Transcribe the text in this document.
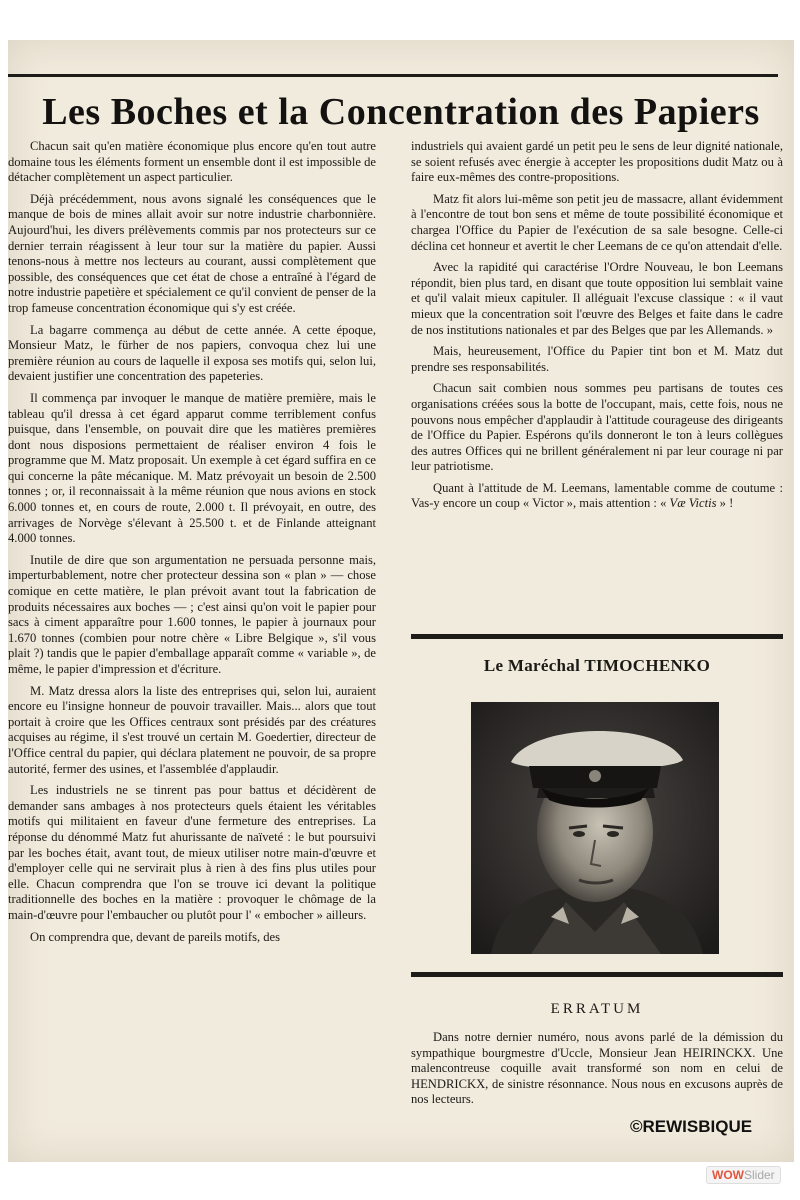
Les Boches et la Concentration des Papiers

Chacun sait qu'en matière économique plus encore qu'en tout autre domaine tous les éléments forment un ensemble dont il est impossible de détacher complètement un aspect particulier.

Déjà précédemment, nous avons signalé les conséquences que le manque de bois de mines allait avoir sur notre industrie charbonnière. Aujourd'hui, les divers prélèvements commis par nos protecteurs sur ce dernier terrain réagissent à leur tour sur la matière du papier. Aussi tenons-nous à mettre nos lecteurs au courant, aussi complètement que possible, des conséquences que cet état de chose a entraîné à l'égard de notre industrie papetière et spécialement ce qu'il convient de penser de la trop fameuse concentration économique qui s'y est créée.

La bagarre commença au début de cette année. A cette époque, Monsieur Matz, le fürher de nos papiers, convoqua chez lui une première réunion au cours de laquelle il exposa ses motifs qui, selon lui, devaient justifier une concentration des papeteries.

Il commença par invoquer le manque de matière première, mais le tableau qu'il dressa à cet égard apparut comme terriblement confus puisque, dans l'ensemble, on pouvait dire que les matières premières dont nous disposions permettaient de réaliser environ 4 fois le programme que M. Matz proposait. Un exemple à cet égard suffira en ce qui concerne la pâte mécanique. M. Matz prévoyait un besoin de 2.500 tonnes ; or, il reconnaissait à la même réunion que nous avions en stock 6.000 tonnes et, en cours de route, 2.000 t. Il prévoyait, en outre, des arrivages de Norvège s'élevant à 25.500 t. et de Finlande atteignant 4.000 tonnes.

Inutile de dire que son argumentation ne persuada personne mais, imperturbablement, notre cher protecteur dessina son « plan » — chose comique en cette matière, le plan prévoit avant tout la fabrication de produits nécessaires aux boches — ; c'est ainsi qu'on voit le papier pour sacs à ciment apparaître pour 1.600 tonnes, le papier à journaux pour 1.670 tonnes (combien pour notre chère « Libre Belgique », s'il vous plait ?) tandis que le papier d'emballage apparaît comme « variable », de même, le papier d'impression et d'écriture.

M. Matz dressa alors la liste des entreprises qui, selon lui, auraient encore eu l'insigne honneur de pouvoir travailler. Mais... alors que tout portait à croire que les Offices centraux sont présidés par des créatures acquises au régime, il s'est trouvé un certain M. Goedertier, directeur de l'Office central du papier, qui déclara platement ne pouvoir, de sa propre autorité, fermer des usines, et l'assemblée d'applaudir.

Les industriels ne se tinrent pas pour battus et décidèrent de demander sans ambages à nos protecteurs quels étaient les véritables motifs qui militaient en faveur d'une fermeture des entreprises. La réponse du dénommé Matz fut ahurissante de naïveté : le but poursuivi par les boches était, avant tout, de mieux utiliser notre main-d'œuvre et d'employer celle qui ne servirait plus à rien à des fins plus utiles pour elle. Chacun comprendra que l'on se trouve ici devant la politique traditionnelle des boches en la matière : provoquer le chômage de la main-d'œuvre pour l'embaucher ou plutôt pour l' « embocher » ailleurs.

On comprendra que, devant de pareils motifs, des

industriels qui avaient gardé un petit peu le sens de leur dignité nationale, se soient refusés avec énergie à accepter les propositions dudit Matz ou à faire eux-mêmes des contre-propositions.

Matz fit alors lui-même son petit jeu de massacre, allant évidemment à l'encontre de tout bon sens et même de toute possibilité économique et chargea l'Office du Papier de l'exécution de sa sale besogne. Celle-ci déclina cet honneur et avertit le cher Leemans de ce qu'on attendait d'elle.

Avec la rapidité qui caractérise l'Ordre Nouveau, le bon Leemans répondit, bien plus tard, en disant que toute opposition lui semblait vaine et qu'il valait mieux capituler. Il alléguait l'excuse classique : « il vaut mieux que la concentration soit l'œuvre des Belges et faite dans le cadre de nos institutions nationales et par des Belges que par les Allemands. »

Mais, heureusement, l'Office du Papier tint bon et M. Matz dut prendre ses responsabilités.

Chacun sait combien nous sommes peu partisans de toutes ces organisations créées sous la botte de l'occupant, mais, cette fois, nous ne pouvons nous empêcher d'applaudir à l'attitude courageuse des dirigeants de l'Office du Papier. Espérons qu'ils donneront le ton à leurs collègues des autres Offices qui ne brillent généralement ni par leur courage ni par leur patriotisme.

Quant à l'attitude de M. Leemans, lamentable comme de coutume : Vas-y encore un coup « Victor », mais attention : « Væ Victis » !

Le Maréchal TIMOCHENKO
ERRATUM

Dans notre dernier numéro, nous avons parlé de la démission du sympathique bourgmestre d'Uccle, Monsieur Jean HEIRINCKX. Une malencontreuse coquille avait transformé son nom en celui de HENDRICKX, de sinistre résonnance. Nous nous en excusons auprès de nos lecteurs.

©REWISBIQUE
WOWSlider
